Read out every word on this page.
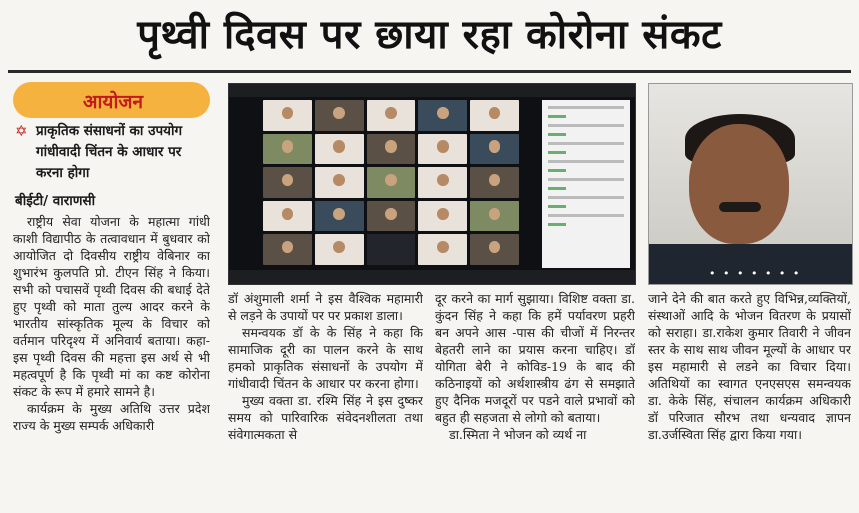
पृथ्वी दिवस पर छाया रहा कोरोना संकट
आयोजन
✡ प्राकृतिक संसाधनों का उपयोग गांधीवादी चिंतन के आधार पर करना होगा
बीईटी/ वाराणसी

राष्ट्रीय सेवा योजना के महात्मा गांधी काशी विद्यापीठ के तत्वावधान में बुधवार को आयोजित दो दिवसीय राष्ट्रीय वेबिनार का शुभारंभ कुलपति प्रो. टीएन सिंह ने किया। सभी को पचासवें पृथ्वी दिवस की बधाई देते हुए पृथ्वी को माता तुल्य आदर करने के भारतीय सांस्कृतिक मूल्य के विचार को वर्तमान परिदृश्य में अनिवार्य बताया। कहा-इस पृथ्वी दिवस की महत्ता इस अर्थ से भी महत्वपूर्ण है कि पृथ्वी मां का कष्ट कोरोना संकट के रूप में हमारे सामने है।

कार्यक्रम के मुख्य अतिथि उत्तर प्रदेश राज्य के मुख्य सम्पर्क अधिकारी

• • • • • • •

डॉ अंशुमाली शर्मा ने इस वैश्विक महामारी से लड़ने के उपायों पर पर प्रकाश डाला।

समन्वयक डॉ के के सिंह ने कहा कि सामाजिक दूरी का पालन करने के साथ हमको प्राकृतिक संसाधनों के उपयोग में गांधीवादी चिंतन के आधार पर करना होगा।

मुख्य वक्ता डा. रश्मि सिंह ने इस दुष्कर समय को पारिवारिक संवेदनशीलता तथा संवेगात्मकता से

दूर करने का मार्ग सुझाया। विशिष्ट वक्ता डा. कुंदन सिंह ने कहा कि हमें पर्यावरण प्रहरी बन अपने आस -पास की चीजों में निरन्तर बेहतरी लाने का प्रयास करना चाहिए। डॉ योगिता बेरी ने कोविड-19 के बाद की कठिनाइयों को अर्थशास्त्रीय ढंग से समझाते हुए दैनिक मजदूरों पर पडने वाले प्रभावों को बहुत ही सहजता से लोगो को बताया।

डा.स्मिता ने भोजन को व्यर्थ ना

जाने देने की बात करते हुए विभिन्न,व्यक्तियों, संस्थाओं आदि के भोजन वितरण के प्रयासों को सराहा। डा.राकेश कुमार तिवारी ने जीवन स्तर के साथ साथ जीवन मूल्यों के आधार पर इस महामारी से लडने का विचार दिया। अतिथियों का स्वागत एनएसएस समन्वयक डा. केके सिंह, संचालन कार्यक्रम अधिकारी डॉ परिजात सौरभ तथा धन्यवाद ज्ञापन डा.उर्जस्विता सिंह द्वारा किया गया।
